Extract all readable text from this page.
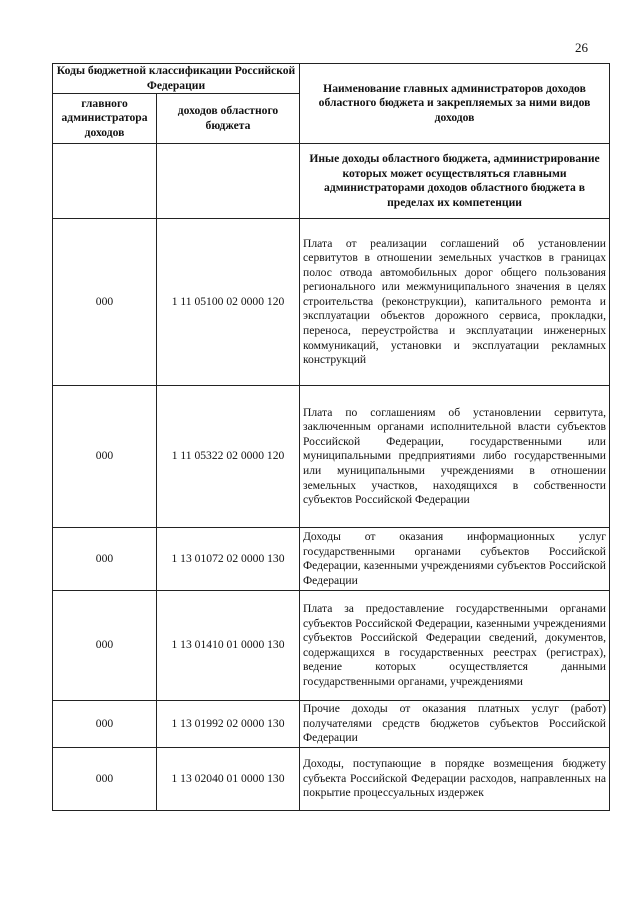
26
Коды бюджетной классификации Российской Федерации		Наименование главных администраторов доходов областного бюджета и закрепляемых за ними видов доходов
главного администратора доходов	доходов областного бюджета	
		Иные доходы областного бюджета, администрирование которых может осуществляться главными администраторами доходов областного бюджета в пределах их компетенции
000	1 11 05100 02 0000 120	Плата от реализации соглашений об установлении сервитутов в отношении земельных участков в границах полос отвода автомобильных дорог общего пользования регионального или межмуниципального значения в целях строительства (реконструкции), капитального ремонта и эксплуатации объектов дорожного сервиса, прокладки, переноса, переустройства и эксплуатации инженерных коммуникаций, установки и эксплуатации рекламных конструкций
000	1 11 05322 02 0000 120	Плата по соглашениям об установлении сервитута, заключенным органами исполнительной власти субъектов Российской Федерации, государственными или муниципальными предприятиями либо государственными или муниципальными учреждениями в отношении земельных участков, находящихся в собственности субъектов Российской Федерации
000	1 13 01072 02 0000 130	Доходы от оказания информационных услуг государственными органами субъектов Российской Федерации, казенными учреждениями субъектов Российской Федерации
000	1 13 01410 01 0000 130	Плата за предоставление государственными органами субъектов Российской Федерации, казенными учреждениями субъектов Российской Федерации сведений, документов, содержащихся в государственных реестрах (регистрах), ведение которых осуществляется данными государственными органами, учреждениями
000	1 13 01992 02 0000 130	Прочие доходы от оказания платных услуг (работ) получателями средств бюджетов субъектов Российской Федерации
000	1 13 02040 01 0000 130	Доходы, поступающие в порядке возмещения бюджету субъекта Российской Федерации расходов, направленных на покрытие процессуальных издержек
